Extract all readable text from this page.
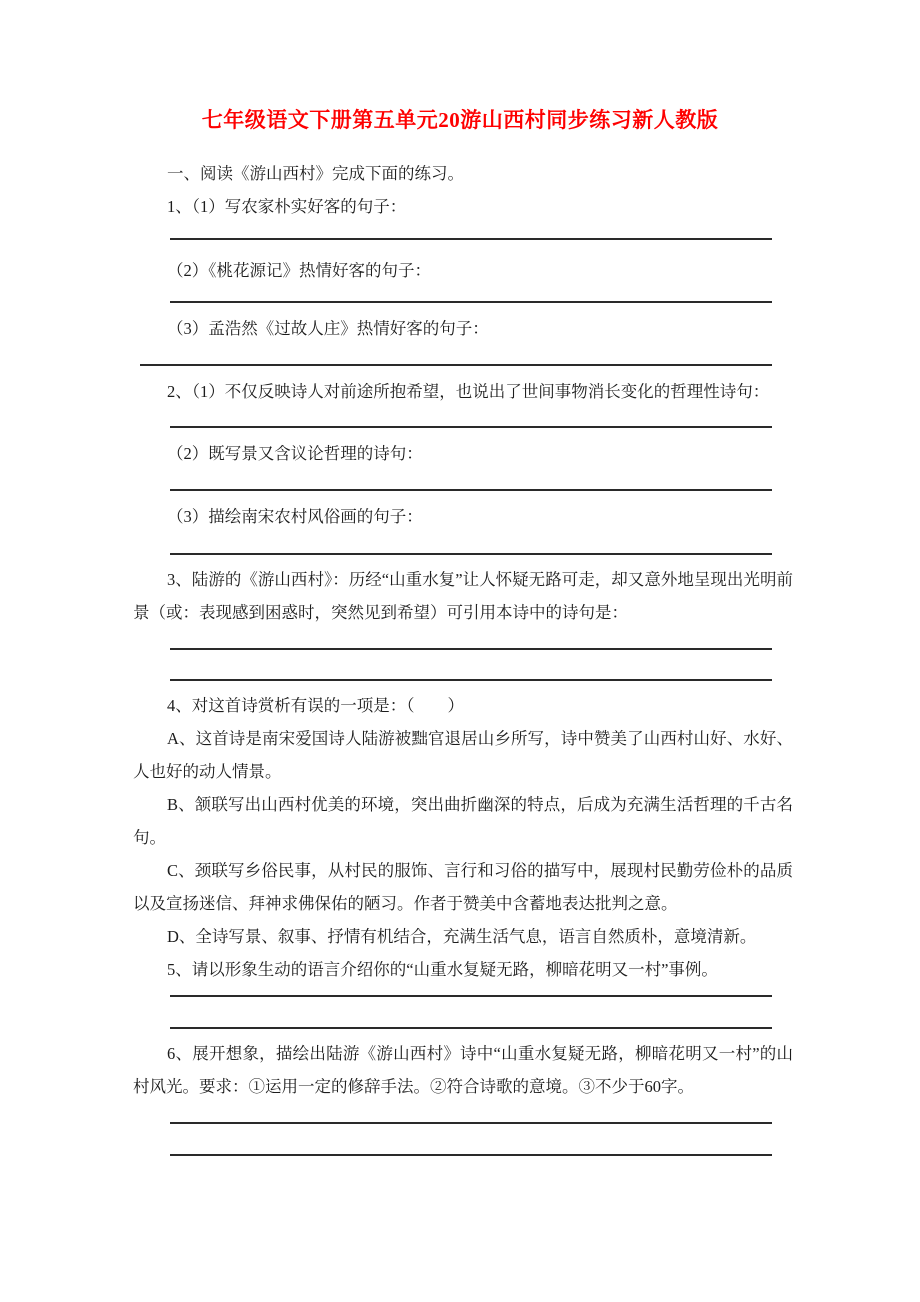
七年级语文下册第五单元20游山西村同步练习新人教版

一、阅读《游山西村》完成下面的练习。

1、（1）写农家朴实好客的句子：

（2）《桃花源记》热情好客的句子：

（3）孟浩然《过故人庄》热情好客的句子：

2、（1）不仅反映诗人对前途所抱希望，也说出了世间事物消长变化的哲理性诗句：

（2）既写景又含议论哲理的诗句：

（3）描绘南宋农村风俗画的句子：

3、陆游的《游山西村》：历经“山重水复”让人怀疑无路可走，却又意外地呈现出光明前景（或：表现感到困惑时，突然见到希望）可引用本诗中的诗句是：

4、对这首诗赏析有误的一项是：（　　）

A、这首诗是南宋爱国诗人陆游被黜官退居山乡所写，诗中赞美了山西村山好、水好、人也好的动人情景。

B、颔联写出山西村优美的环境，突出曲折幽深的特点，后成为充满生活哲理的千古名句。

C、颈联写乡俗民事，从村民的服饰、言行和习俗的描写中，展现村民勤劳俭朴的品质以及宣扬迷信、拜神求佛保佑的陋习。作者于赞美中含蓄地表达批判之意。

D、全诗写景、叙事、抒情有机结合，充满生活气息，语言自然质朴，意境清新。

5、请以形象生动的语言介绍你的“山重水复疑无路，柳暗花明又一村”事例。

6、展开想象，描绘出陆游《游山西村》诗中“山重水复疑无路，柳暗花明又一村”的山村风光。要求：①运用一定的修辞手法。②符合诗歌的意境。③不少于60字。
